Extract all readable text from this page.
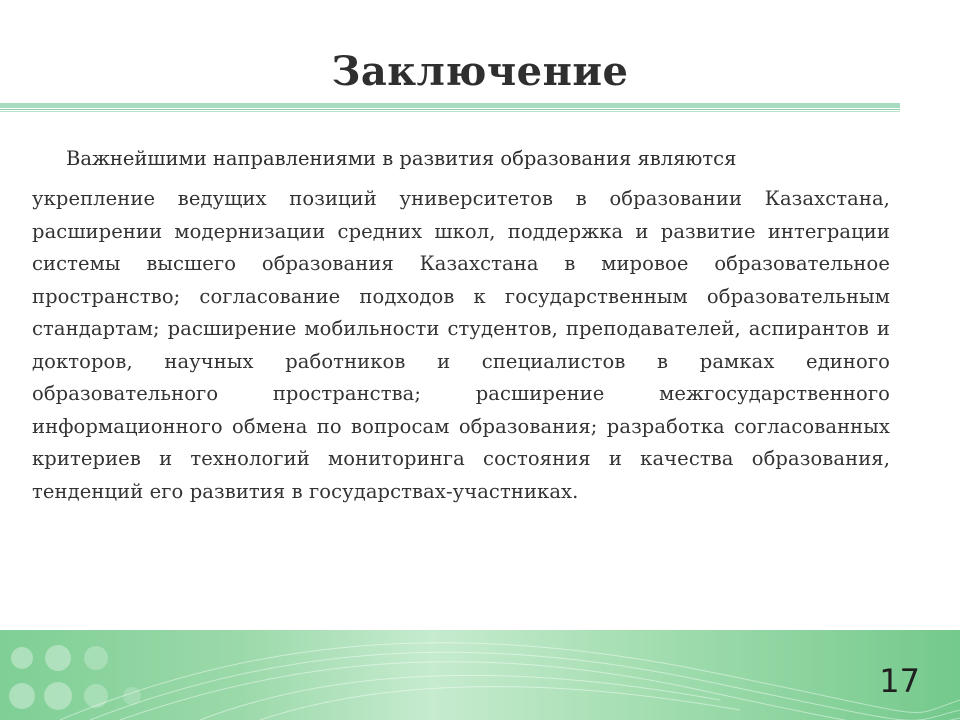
Заключение
Важнейшими направлениями в развития образования являются
укрепление ведущих позиций университетов в образовании Казахстана, расширении модернизации средних школ, поддержка и развитие интеграции системы высшего образования Казахстана в мировое образовательное пространство; согласование подходов к государственным образовательным стандартам; расширение мобильности студентов, преподавателей, аспирантов и докторов, научных работников и специалистов в рамках единого образовательного пространства; расширение межгосударственного информационного обмена по вопросам образования; разработка согласованных критериев и технологий мониторинга состояния и качества образования, тенденций его развития в государствах-участниках.
17
